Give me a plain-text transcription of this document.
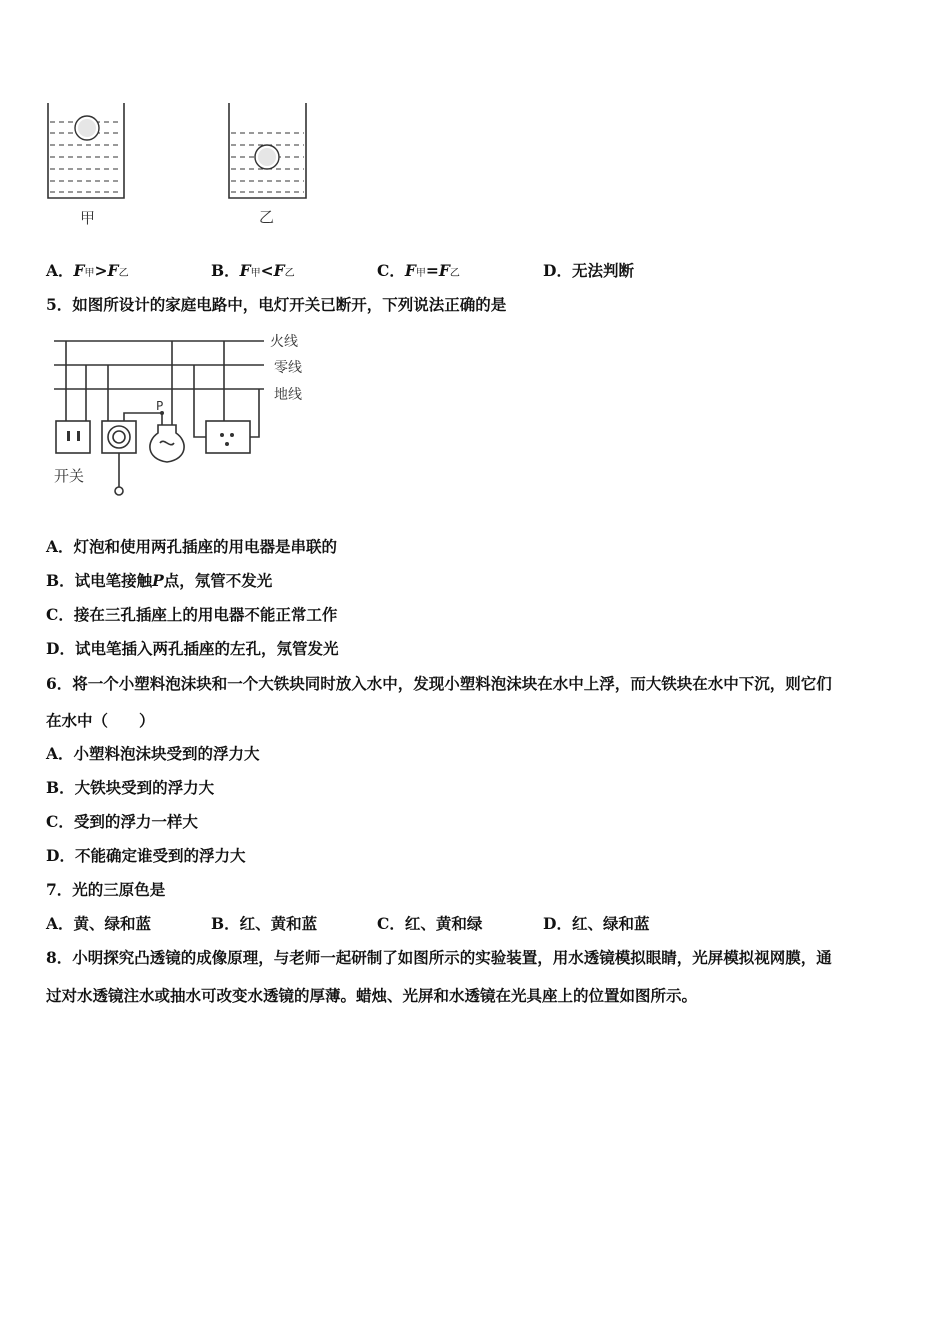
甲	乙
A．F甲>F乙	B．F甲<F乙	C．F甲=F乙	D．无法判断
5．如图所设计的家庭电路中，电灯开关已断开，下列说法正确的是
P
火线
零线
地线
开关
A．灯泡和使用两孔插座的用电器是串联的
B．试电笔接触P点，氖管不发光
C．接在三孔插座上的用电器不能正常工作
D．试电笔插入两孔插座的左孔，氖管发光
6．将一个小塑料泡沫块和一个大铁块同时放入水中，发现小塑料泡沫块在水中上浮，而大铁块在水中下沉，则它们
在水中（　　）
A．小塑料泡沫块受到的浮力大
B．大铁块受到的浮力大
C．受到的浮力一样大
D．不能确定谁受到的浮力大
7．光的三原色是
A．黄、绿和蓝	B．红、黄和蓝	C．红、黄和绿	D．红、绿和蓝
8．小明探究凸透镜的成像原理，与老师一起研制了如图所示的实验装置，用水透镜模拟眼睛，光屏模拟视网膜，通
过对水透镜注水或抽水可改变水透镜的厚薄。蜡烛、光屏和水透镜在光具座上的位置如图所示。
